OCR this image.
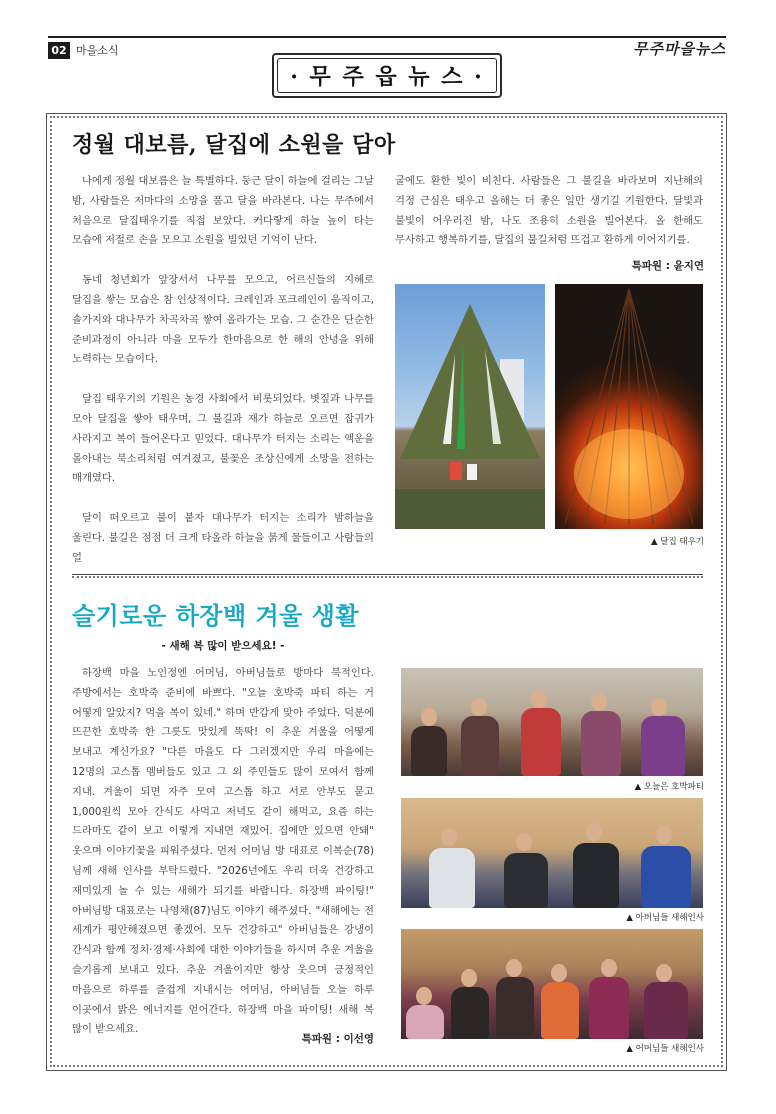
02 마을소식	무주마을뉴스
· 무 주 읍 뉴 스 ·
정월 대보름, 달집에 소원을 담아

나에게 정월 대보름은 늘 특별하다. 둥근 달이 하늘에 걸리는 그날 밤, 사람들은 저마다의 소망을 품고 달을 바라본다. 나는 무주에서 처음으로 달집태우기를 직접 보았다. 커다랗게 하늘 높이 타는 모습에 저절로 손을 모으고 소원을 빌었던 기억이 난다.

동네 청년회가 앞장서서 나무를 모으고, 어르신들의 지혜로 달집을 쌓는 모습은 참 인상적이다. 크레인과 포크레인이 움직이고, 솔가지와 대나무가 차곡차곡 쌓여 올라가는 모습. 그 순간은 단순한 준비과정이 아니라 마을 모두가 한마음으로 한 해의 안녕을 위해 노력하는 모습이다.

달집 태우기의 기원은 농경 사회에서 비롯되었다. 볏짚과 나무를 모아 달집을 쌓아 태우며, 그 불길과 재가 하늘로 오르면 잡귀가 사라지고 복이 들어온다고 믿었다. 대나무가 터지는 소리는 액운을 몰아내는 북소리처럼 여겨졌고, 불꽃은 조상신에게 소망을 전하는 매개였다.

달이 떠오르고 불이 붙자 대나무가 터지는 소리가 밤하늘을 울린다. 불길은 점점 더 크게 타올라 하늘을 붉게 물들이고 사람들의 얼

굴에도 환한 빛이 비친다. 사람들은 그 불길을 바라보며 지난해의 걱정 근심은 태우고 올해는 더 좋은 일만 생기길 기원한다. 달빛과 불빛이 어우러진 밤, 나도 조용히 소원을 빌어본다. 올 한해도 무사하고 행복하기를, 달집의 불길처럼 뜨겁고 환하게 이어지기를.

특파원 : 윤지연
▲ 달집 태우기
슬기로운 하장백 겨울 생활
- 새해 복 많이 받으세요! -

하장백 마을 노인정엔 어머님, 아버님들로 방마다 북적인다. 주방에서는 호박죽 준비에 바쁘다. "오늘 호박죽 파티 하는 거 어떻게 알았지? 먹을 복이 있네." 하며 반갑게 맞아 주었다. 덕분에 뜨끈한 호박죽 한 그릇도 맛있게 뚝딱! 이 추운 겨울을 어떻게 보내고 계신가요? "다른 마을도 다 그러겠지만 우리 마을에는 12명의 고스톱 멤버들도 있고 그 외 주민들도 많이 모여서 함께 지내. 겨울이 되면 자주 모여 고스톱 하고 서로 안부도 묻고 1,000원씩 모아 간식도 사먹고 저녁도 같이 해먹고, 요즘 하는 드라마도 같이 보고 이렇게 지내면 재밌어. 집에만 있으면 안돼" 웃으며 이야기꽃을 피워주셨다. 먼저 어머님 방 대표로 이복순(78)님께 새해 인사를 부탁드렸다. "2026년에도 우리 더욱 건강하고 재미있게 놀 수 있는 새해가 되기를 바랍니다. 하장백 파이팅!" 아버님방 대표로는 나영채(87)님도 이야기 해주셨다. "새해에는 전 세계가 평안해졌으면 좋겠어. 모두 건강하고" 아버님들은 강냉이 간식과 함께 정치·경제·사회에 대한 이야기들을 하시며 추운 겨울을 슬기롭게 보내고 있다. 추운 겨울이지만 항상 웃으며 긍정적인 마음으로 하루를 즐겁게 지내시는 어머님, 아버님들 오늘 하루 이곳에서 밝은 에너지를 얻어간다. 하장백 마을 파이팅! 새해 복 많이 받으세요.

특파원 : 이선영
▲ 오늘은 호박파티
▲ 아버님들 새해인사
▲ 어머님들 새해인사
